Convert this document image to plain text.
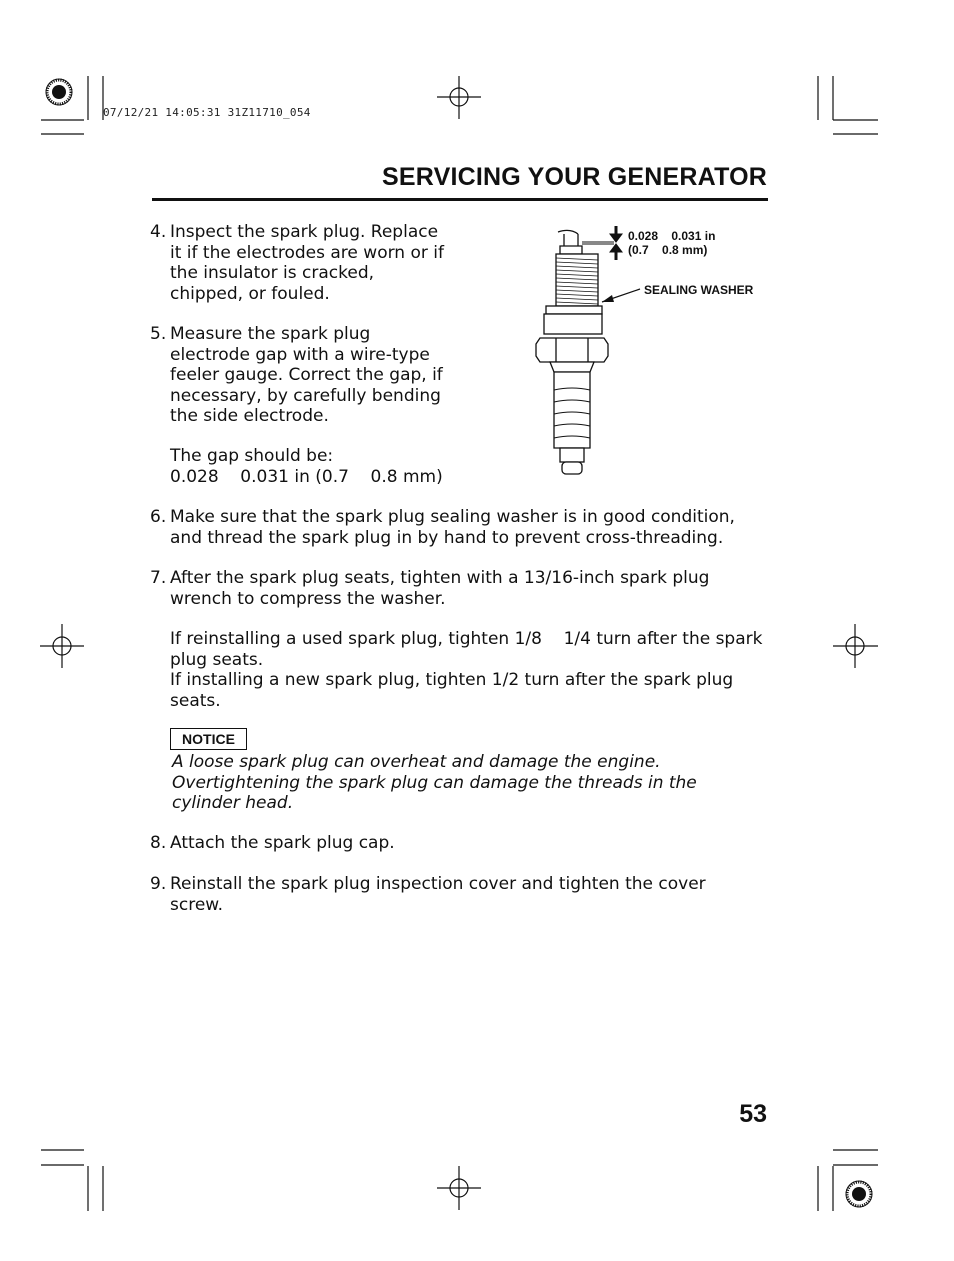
07/12/21 14:05:31 31Z11710_054
SERVICING YOUR GENERATOR
4. Inspect the spark plug. Replace
it if the electrodes are worn or if
the insulator is cracked,
chipped, or fouled.
5. Measure the spark plug
electrode gap with a wire-type
feeler gauge. Correct the gap, if
necessary, by carefully bending
the side electrode.
The gap should be:
0.028    0.031 in (0.7    0.8 mm)
0.028    0.031 in
(0.7    0.8 mm)
SEALING WASHER
6. Make sure that the spark plug sealing washer is in good condition,
and thread the spark plug in by hand to prevent cross-threading.
7. After the spark plug seats, tighten with a 13/16-inch spark plug
wrench to compress the washer.
If reinstalling a used spark plug, tighten 1/8    1/4 turn after the spark
plug seats.
If installing a new spark plug, tighten 1/2 turn after the spark plug
seats.
NOTICE
A loose spark plug can overheat and damage the engine.
Overtightening the spark plug can damage the threads in the
cylinder head.
8. Attach the spark plug cap.
9. Reinstall the spark plug inspection cover and tighten the cover
screw.
53
